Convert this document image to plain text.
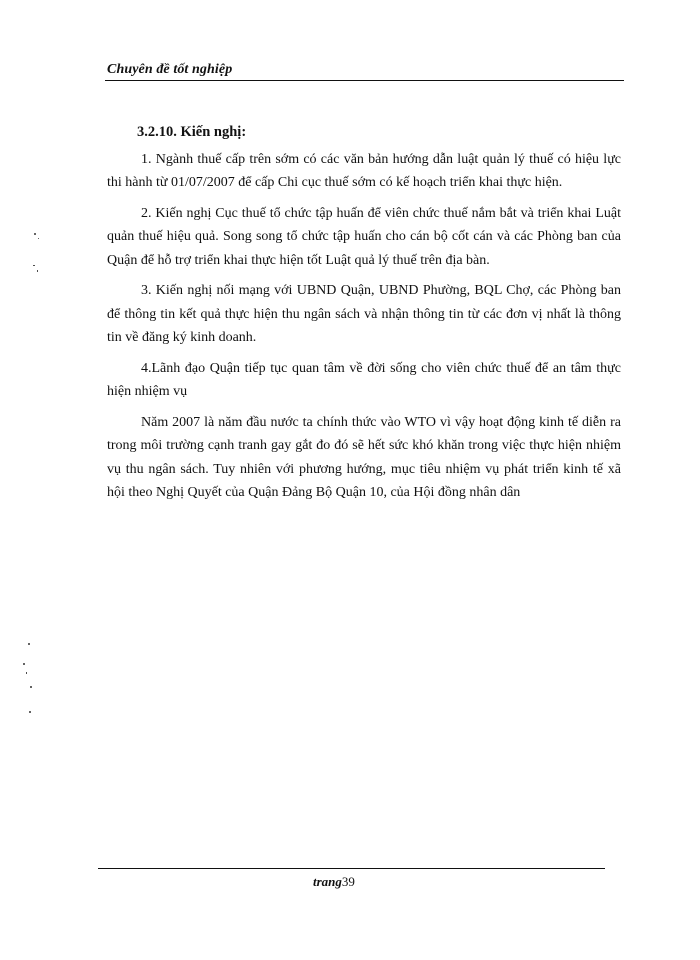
Chuyên đề tốt nghiệp

3.2.10. Kiến nghị:

1. Ngành thuế cấp trên sớm có các văn bản hướng dẫn luật quản lý thuế có hiệu lực thi hành từ 01/07/2007 để cấp Chi cục thuế sớm có kế hoạch triển khai thực hiện.

2. Kiến nghị Cục thuế tổ chức tập huấn để viên chức thuế nắm bắt và triển khai Luật quản thuế hiệu quả. Song song tổ chức tập huấn cho cán bộ cốt cán và các Phòng ban của Quận để hỗ trợ triển khai thực hiện tốt Luật quả lý thuế trên địa bàn.

3. Kiến nghị nối mạng với UBND Quận, UBND Phường, BQL Chợ, các Phòng ban để thông tin kết quả thực hiện thu ngân sách và nhận thông tin từ các đơn vị nhất là thông tin về đăng ký kinh doanh.

4.Lãnh đạo Quận tiếp tục quan tâm về đời sống cho viên chức thuế để an tâm thực hiện nhiệm vụ

Năm 2007 là năm đầu nước ta chính thức vào WTO vì vậy hoạt động kinh tế diễn ra trong môi trường cạnh tranh gay gắt đo đó sẽ hết sức khó khăn trong việc thực hiện nhiệm vụ thu ngân sách. Tuy nhiên với phương hướng, mục tiêu nhiệm vụ phát triển kinh tế xã hội theo Nghị Quyết của Quận Đảng Bộ Quận 10, của Hội đồng nhân dân

trang39
